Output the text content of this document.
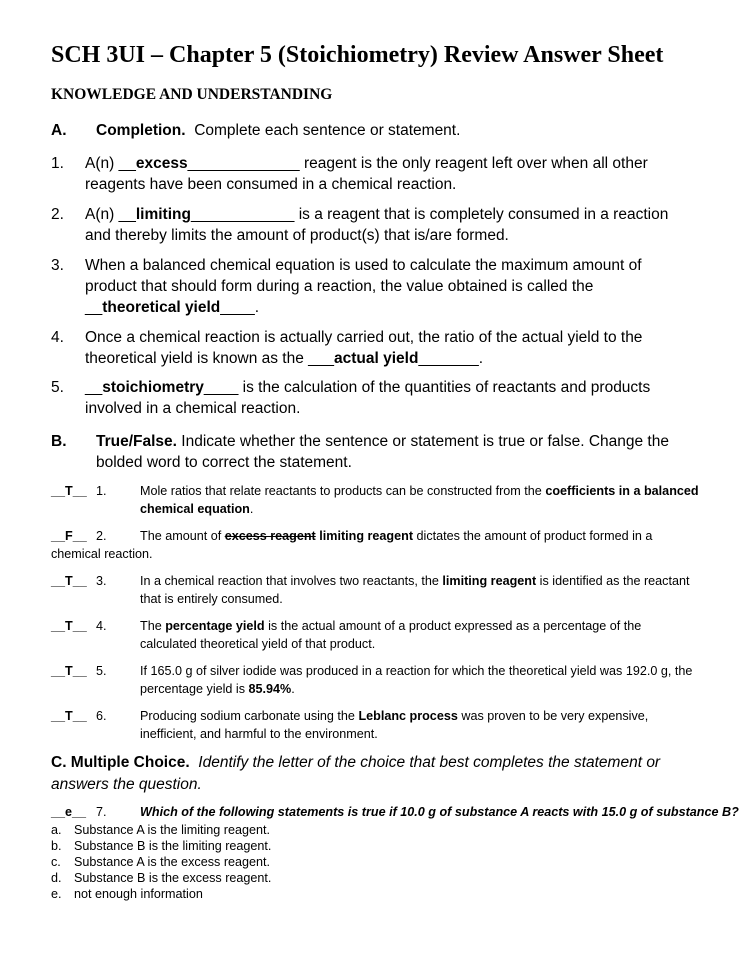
SCH 3UI – Chapter 5 (Stoichiometry) Review Answer Sheet
KNOWLEDGE AND UNDERSTANDING
A. Completion. Complete each sentence or statement.
1. A(n) __excess_____________ reagent is the only reagent left over when all other reagents have been consumed in a chemical reaction.
2. A(n) __limiting____________ is a reagent that is completely consumed in a reaction and thereby limits the amount of product(s) that is/are formed.
3. When a balanced chemical equation is used to calculate the maximum amount of product that should form during a reaction, the value obtained is called the __theoretical yield____.
4. Once a chemical reaction is actually carried out, the ratio of the actual yield to the theoretical yield is known as the ___actual yield_______.
5. __stoichiometry____ is the calculation of the quantities of reactants and products involved in a chemical reaction.
B. True/False. Indicate whether the sentence or statement is true or false. Change the bolded word to correct the statement.
__T__ 1.	Mole ratios that relate reactants to products can be constructed from the coefficients in a balanced chemical equation.
__F__ 2.	The amount of excess reagent limiting reagent dictates the amount of product formed in a chemical reaction.
__T__ 3.	In a chemical reaction that involves two reactants, the limiting reagent is identified as the reactant that is entirely consumed.
__T__ 4.	The percentage yield is the actual amount of a product expressed as a percentage of the calculated theoretical yield of that product.
__T__ 5.	If 165.0 g of silver iodide was produced in a reaction for which the theoretical yield was 192.0 g, the percentage yield is 85.94%.
__T__ 6.	Producing sodium carbonate using the Leblanc process was proven to be very expensive, inefficient, and harmful to the environment.
C. Multiple Choice. Identify the letter of the choice that best completes the statement or answers the question.
__e__ 7.	Which of the following statements is true if 10.0 g of substance A reacts with 15.0 g of substance B?
a. Substance A is the limiting reagent.
b. Substance B is the limiting reagent.
c. Substance A is the excess reagent.
d. Substance B is the excess reagent.
e. not enough information
